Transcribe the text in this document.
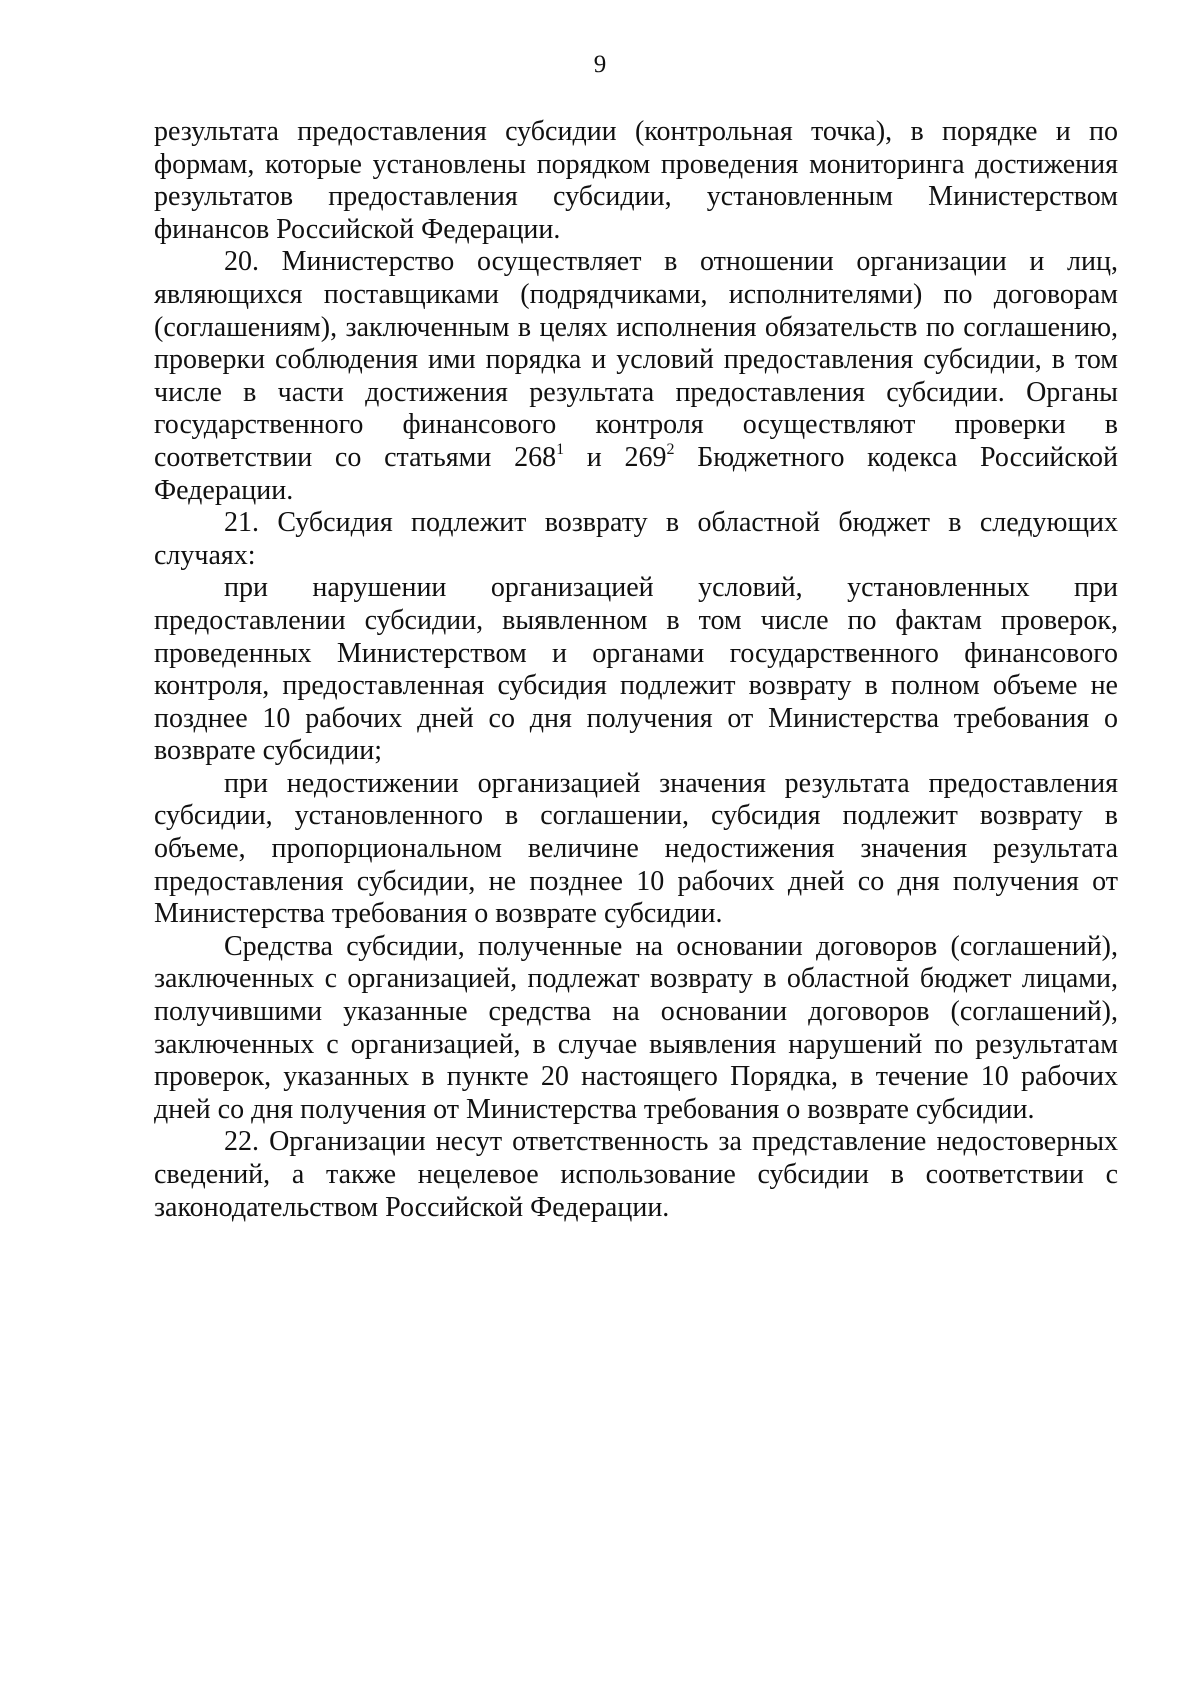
9

результата предоставления субсидии (контрольная точка), в порядке и по
формам, которые установлены порядком проведения мониторинга достижения
результатов предоставления субсидии, установленным Министерством
финансов Российской Федерации.

20. Министерство осуществляет в отношении организации и лиц,
являющихся поставщиками (подрядчиками, исполнителями) по договорам
(соглашениям), заключенным в целях исполнения обязательств по соглашению,
проверки соблюдения ими порядка и условий предоставления субсидии, в том
числе в части достижения результата предоставления субсидии. Органы
государственного финансового контроля осуществляют проверки в
соответствии со статьями $268^1$ и $269^2$ Бюджетного кодекса Российской
Федерации.

21. Субсидия подлежит возврату в областной бюджет в следующих
случаях:

при нарушении организацией условий, установленных при
предоставлении субсидии, выявленном в том числе по фактам проверок,
проведенных Министерством и органами государственного финансового
контроля, предоставленная субсидия подлежит возврату в полном объеме не
позднее 10 рабочих дней со дня получения от Министерства требования о
возврате субсидии;

при недостижении организацией значения результата предоставления
субсидии, установленного в соглашении, субсидия подлежит возврату в
объеме, пропорциональном величине недостижения значения результата
предоставления субсидии, не позднее 10 рабочих дней со дня получения от
Министерства требования о возврате субсидии.

Средства субсидии, полученные на основании договоров (соглашений),
заключенных с организацией, подлежат возврату в областной бюджет лицами,
получившими указанные средства на основании договоров (соглашений),
заключенных с организацией, в случае выявления нарушений по результатам
проверок, указанных в пункте 20 настоящего Порядка, в течение 10 рабочих
дней со дня получения от Министерства требования о возврате субсидии.

22. Организации несут ответственность за представление недостоверных
сведений, а также нецелевое использование субсидии в соответствии с
законодательством Российской Федерации.
